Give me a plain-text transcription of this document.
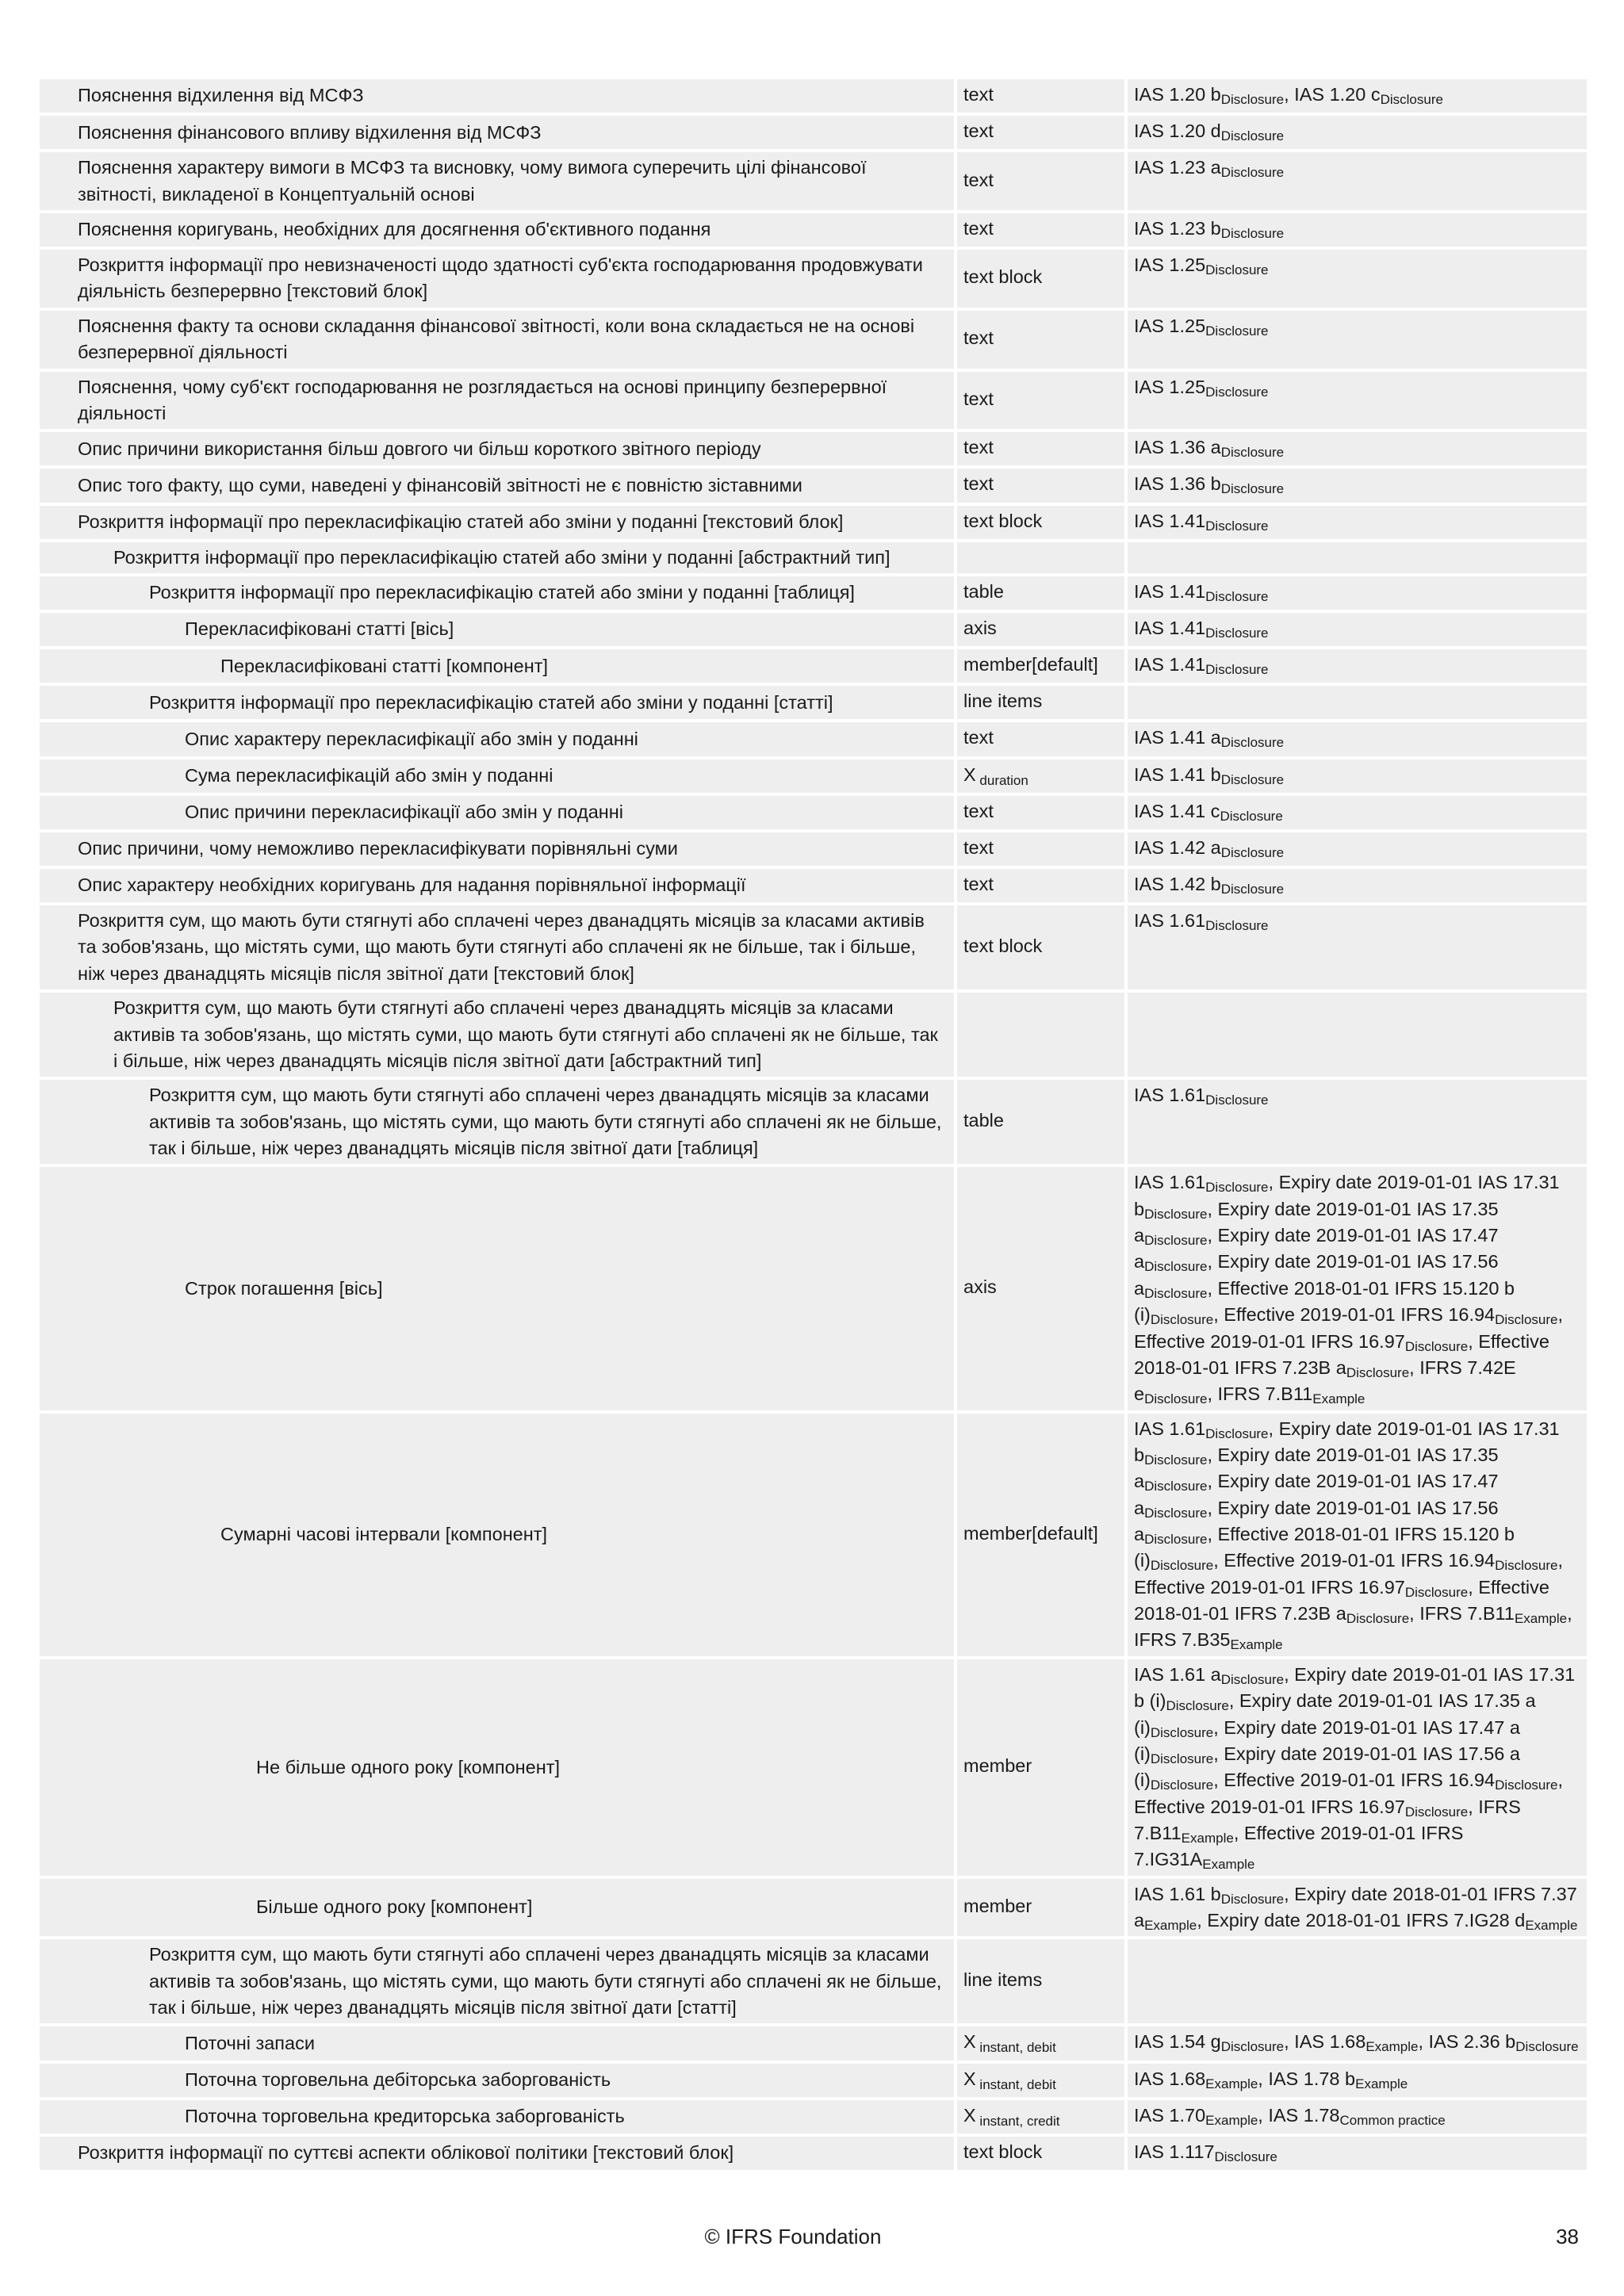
Пояснення відхилення від МСФЗ	text	IAS 1.20 $b_{Disclosure}$, IAS 1.20 $c_{Disclosure}$
Пояснення фінансового впливу відхилення від МСФЗ	text	IAS 1.20 $d_{Disclosure}$
Пояснення характеру вимоги в МСФЗ та висновку, чому вимога суперечить цілі фінансової звітності, викладеної в Концептуальній основі	text	IAS 1.23 $a_{Disclosure}$
Пояснення коригувань, необхідних для досягнення об'єктивного подання	text	IAS 1.23 $b_{Disclosure}$
Розкриття інформації про невизначеності щодо здатності суб'єкта господарювання продовжувати діяльність безперервно [текстовий блок]	text block	IAS $1.25_{Disclosure}$
Пояснення факту та основи складання фінансової звітності, коли вона складається не на основі безперервної діяльності	text	IAS $1.25_{Disclosure}$
Пояснення, чому суб'єкт господарювання не розглядається на основі принципу безперервної діяльності	text	IAS $1.25_{Disclosure}$
Опис причини використання більш довгого чи більш короткого звітного періоду	text	IAS 1.36 $a_{Disclosure}$
Опис того факту, що суми, наведені у фінансовій звітності не є повністю зіставними	text	IAS 1.36 $b_{Disclosure}$
Розкриття інформації про перекласифікацію статей або зміни у поданні [текстовий блок]	text block	IAS $1.41_{Disclosure}$
Розкриття інформації про перекласифікацію статей або зміни у поданні [абстрактний тип]		
Розкриття інформації про перекласифікацію статей або зміни у поданні [таблиця]	table	IAS $1.41_{Disclosure}$
Перекласифіковані статті [вісь]	axis	IAS $1.41_{Disclosure}$
Перекласифіковані статті [компонент]	member[default]	IAS $1.41_{Disclosure}$
Розкриття інформації про перекласифікацію статей або зміни у поданні [статті]	line items	
Опис характеру перекласифікації або змін у поданні	text	IAS 1.41 $a_{Disclosure}$
Сума перекласифікацій або змін у поданні	X $_{duration}$	IAS 1.41 $b_{Disclosure}$
Опис причини перекласифікації або змін у поданні	text	IAS 1.41 $c_{Disclosure}$
Опис причини, чому неможливо перекласифікувати порівняльні суми	text	IAS 1.42 $a_{Disclosure}$
Опис характеру необхідних коригувань для надання порівняльної інформації	text	IAS 1.42 $b_{Disclosure}$
Розкриття сум, що мають бути стягнуті або сплачені через дванадцять місяців за класами активів та зобов'язань, що містять суми, що мають бути стягнуті або сплачені як не більше, так і більше, ніж через дванадцять місяців після звітної дати [текстовий блок]	text block	IAS $1.61_{Disclosure}$
Розкриття сум, що мають бути стягнуті або сплачені через дванадцять місяців за класами активів та зобов'язань, що містять суми, що мають бути стягнуті або сплачені як не більше, так і більше, ніж через дванадцять місяців після звітної дати [абстрактний тип]		
Розкриття сум, що мають бути стягнуті або сплачені через дванадцять місяців за класами активів та зобов'язань, що містять суми, що мають бути стягнуті або сплачені як не більше, так і більше, ніж через дванадцять місяців після звітної дати [таблиця]	table	IAS $1.61_{Disclosure}$
Строк погашення [вісь]	axis	IAS $1.61_{Disclosure}$, Expiry date 2019-01-01 IAS 17.31 $b_{Disclosure}$, Expiry date 2019-01-01 IAS 17.35 $a_{Disclosure}$, Expiry date 2019-01-01 IAS 17.47 $a_{Disclosure}$, Expiry date 2019-01-01 IAS 17.56 $a_{Disclosure}$, Effective 2018-01-01 IFRS 15.120 b $(i)_{Disclosure}$, Effective 2019-01-01 IFRS $16.94_{Disclosure}$, Effective 2019-01-01 IFRS $16.97_{Disclosure}$, Effective 2018-01-01 IFRS 7.23B $a_{Disclosure}$, IFRS 7.42E $e_{Disclosure}$, IFRS $7.B11_{Example}$
Сумарні часові інтервали [компонент]	member[default]	IAS $1.61_{Disclosure}$, Expiry date 2019-01-01 IAS 17.31 $b_{Disclosure}$, Expiry date 2019-01-01 IAS 17.35 $a_{Disclosure}$, Expiry date 2019-01-01 IAS 17.47 $a_{Disclosure}$, Expiry date 2019-01-01 IAS 17.56 $a_{Disclosure}$, Effective 2018-01-01 IFRS 15.120 b $(i)_{Disclosure}$, Effective 2019-01-01 IFRS $16.94_{Disclosure}$, Effective 2019-01-01 IFRS $16.97_{Disclosure}$, Effective 2018-01-01 IFRS 7.23B $a_{Disclosure}$, IFRS $7.B11_{Example}$, IFRS $7.B35_{Example}$
Не більше одного року [компонент]	member	IAS 1.61 $a_{Disclosure}$, Expiry date 2019-01-01 IAS 17.31 b $(i)_{Disclosure}$, Expiry date 2019-01-01 IAS 17.35 a $(i)_{Disclosure}$, Expiry date 2019-01-01 IAS 17.47 a $(i)_{Disclosure}$, Expiry date 2019-01-01 IAS 17.56 a $(i)_{Disclosure}$, Effective 2019-01-01 IFRS $16.94_{Disclosure}$, Effective 2019-01-01 IFRS $16.97_{Disclosure}$, IFRS $7.B11_{Example}$, Effective 2019-01-01 IFRS $7.IG31A_{Example}$
Більше одного року [компонент]	member	IAS 1.61 $b_{Disclosure}$, Expiry date 2018-01-01 IFRS 7.37 $a_{Example}$, Expiry date 2018-01-01 IFRS 7.IG28 $d_{Example}$
Розкриття сум, що мають бути стягнуті або сплачені через дванадцять місяців за класами активів та зобов'язань, що містять суми, що мають бути стягнуті або сплачені як не більше, так і більше, ніж через дванадцять місяців після звітної дати [статті]	line items	
Поточні запаси	X $_{instant, debit}$	IAS 1.54 $g_{Disclosure}$, IAS $1.68_{Example}$, IAS 2.36 $b_{Disclosure}$
Поточна торговельна дебіторська заборгованість	X $_{instant, debit}$	IAS $1.68_{Example}$, IAS 1.78 $b_{Example}$
Поточна торговельна кредиторська заборгованість	X $_{instant, credit}$	IAS $1.70_{Example}$, IAS $1.78_{Common practice}$
Розкриття інформації по суттєві аспекти облікової політики [текстовий блок]	text block	IAS $1.117_{Disclosure}$
© IFRS Foundation	38
